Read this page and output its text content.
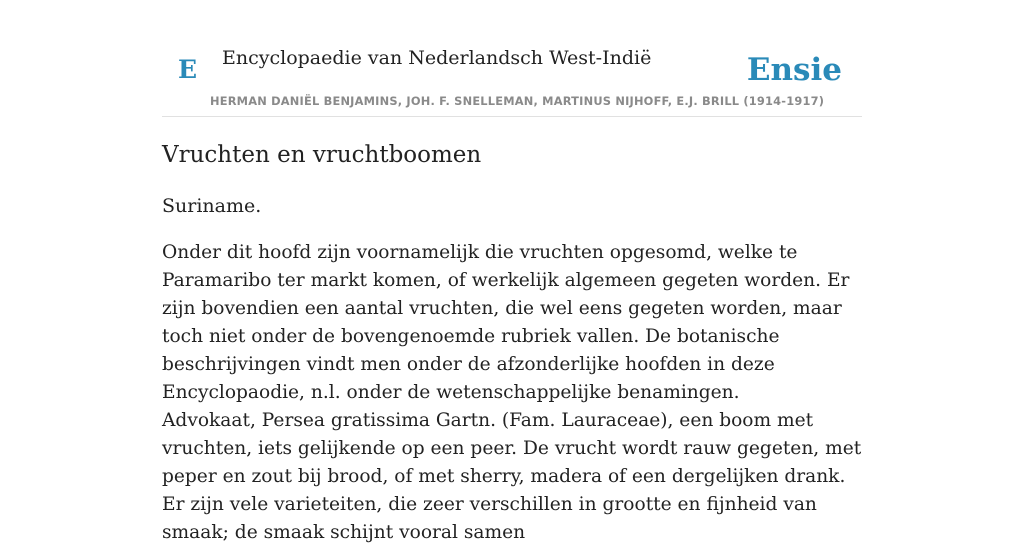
E Encyclopaedie van Nederlandsch West-Indië	Ensie
HERMAN DANIËL BENJAMINS, JOH. F. SNELLEMAN, MARTINUS NIJHOFF, E.J. BRILL (1914-1917)
Vruchten en vruchtboomen
Suriname.

Onder dit hoofd zijn voornamelijk die vruchten opgesomd, welke te Paramaribo ter markt komen, of werkelijk algemeen gegeten worden. Er zijn bovendien een aantal vruchten, die wel eens gegeten worden, maar toch niet onder de bovengenoemde rubriek vallen. De botanische beschrijvingen vindt men onder de afzonderlijke hoofden in deze Encyclopaodie, n.l. onder de wetenschappelijke benamingen.

Advokaat, Persea gratissima Gartn. (Fam. Lauraceae), een boom met vruchten, iets gelijkende op een peer. De vrucht wordt rauw gegeten, met peper en zout bij brood, of met sherry, madera of een dergelijken drank. Er zijn vele varieteiten, die zeer verschillen in grootte en fijnheid van smaak; de smaak schijnt vooral samen
